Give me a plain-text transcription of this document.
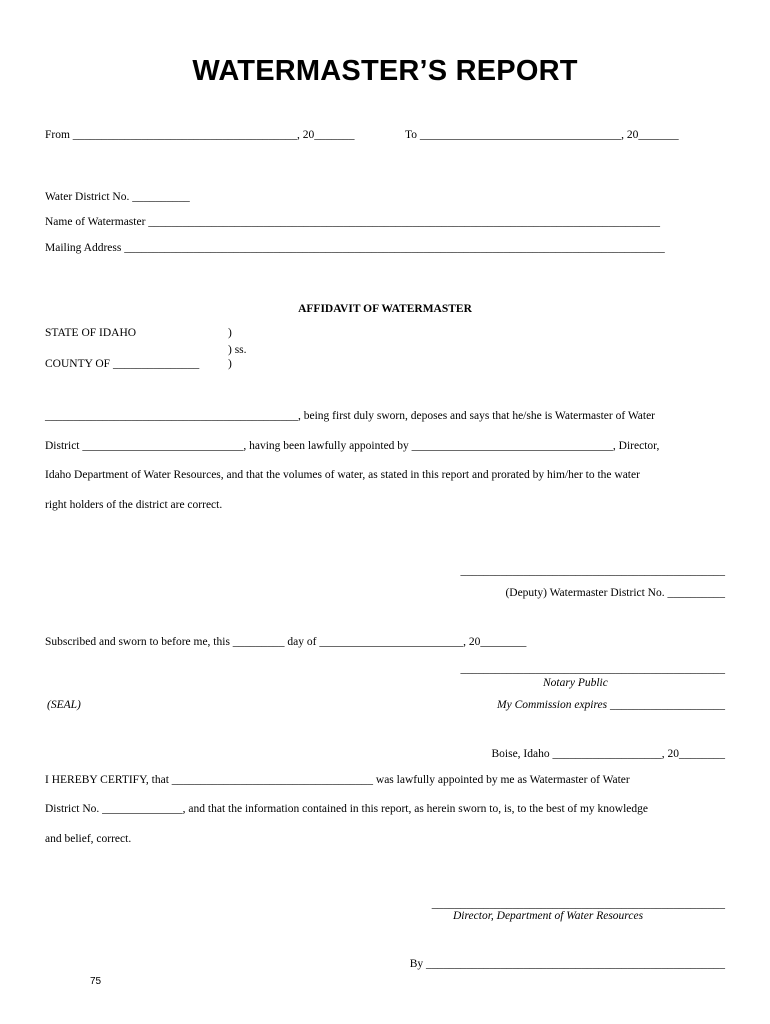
WATERMASTER’S REPORT
From _______________________________________, 20_______	To ___________________________________, 20_______
Water District No. __________
Name of Watermaster _________________________________________________________________________________________
Mailing Address ______________________________________________________________________________________________
AFFIDAVIT OF WATERMASTER
STATE OF IDAHO	)
) ss.
COUNTY OF _______________	)
____________________________________________, being first duly sworn, deposes and says that he/she is Watermaster of Water
District ____________________________, having been lawfully appointed by ___________________________________, Director,
Idaho Department of Water Resources, and that the volumes of water, as stated in this report and prorated by him/her to the water
right holders of the district are correct.
______________________________________________
(Deputy) Watermaster District No. __________
Subscribed and sworn to before me, this _________ day of _________________________, 20________
______________________________________________
Notary Public
(SEAL)	My Commission expires ____________________
Boise, Idaho ___________________, 20________
I HEREBY CERTIFY, that ___________________________________ was lawfully appointed by me as Watermaster of Water
District No. ______________, and that the information contained in this report, as herein sworn to, is, to the best of my knowledge
and belief, correct.
___________________________________________________
Director, Department of Water Resources
By ____________________________________________________
75
